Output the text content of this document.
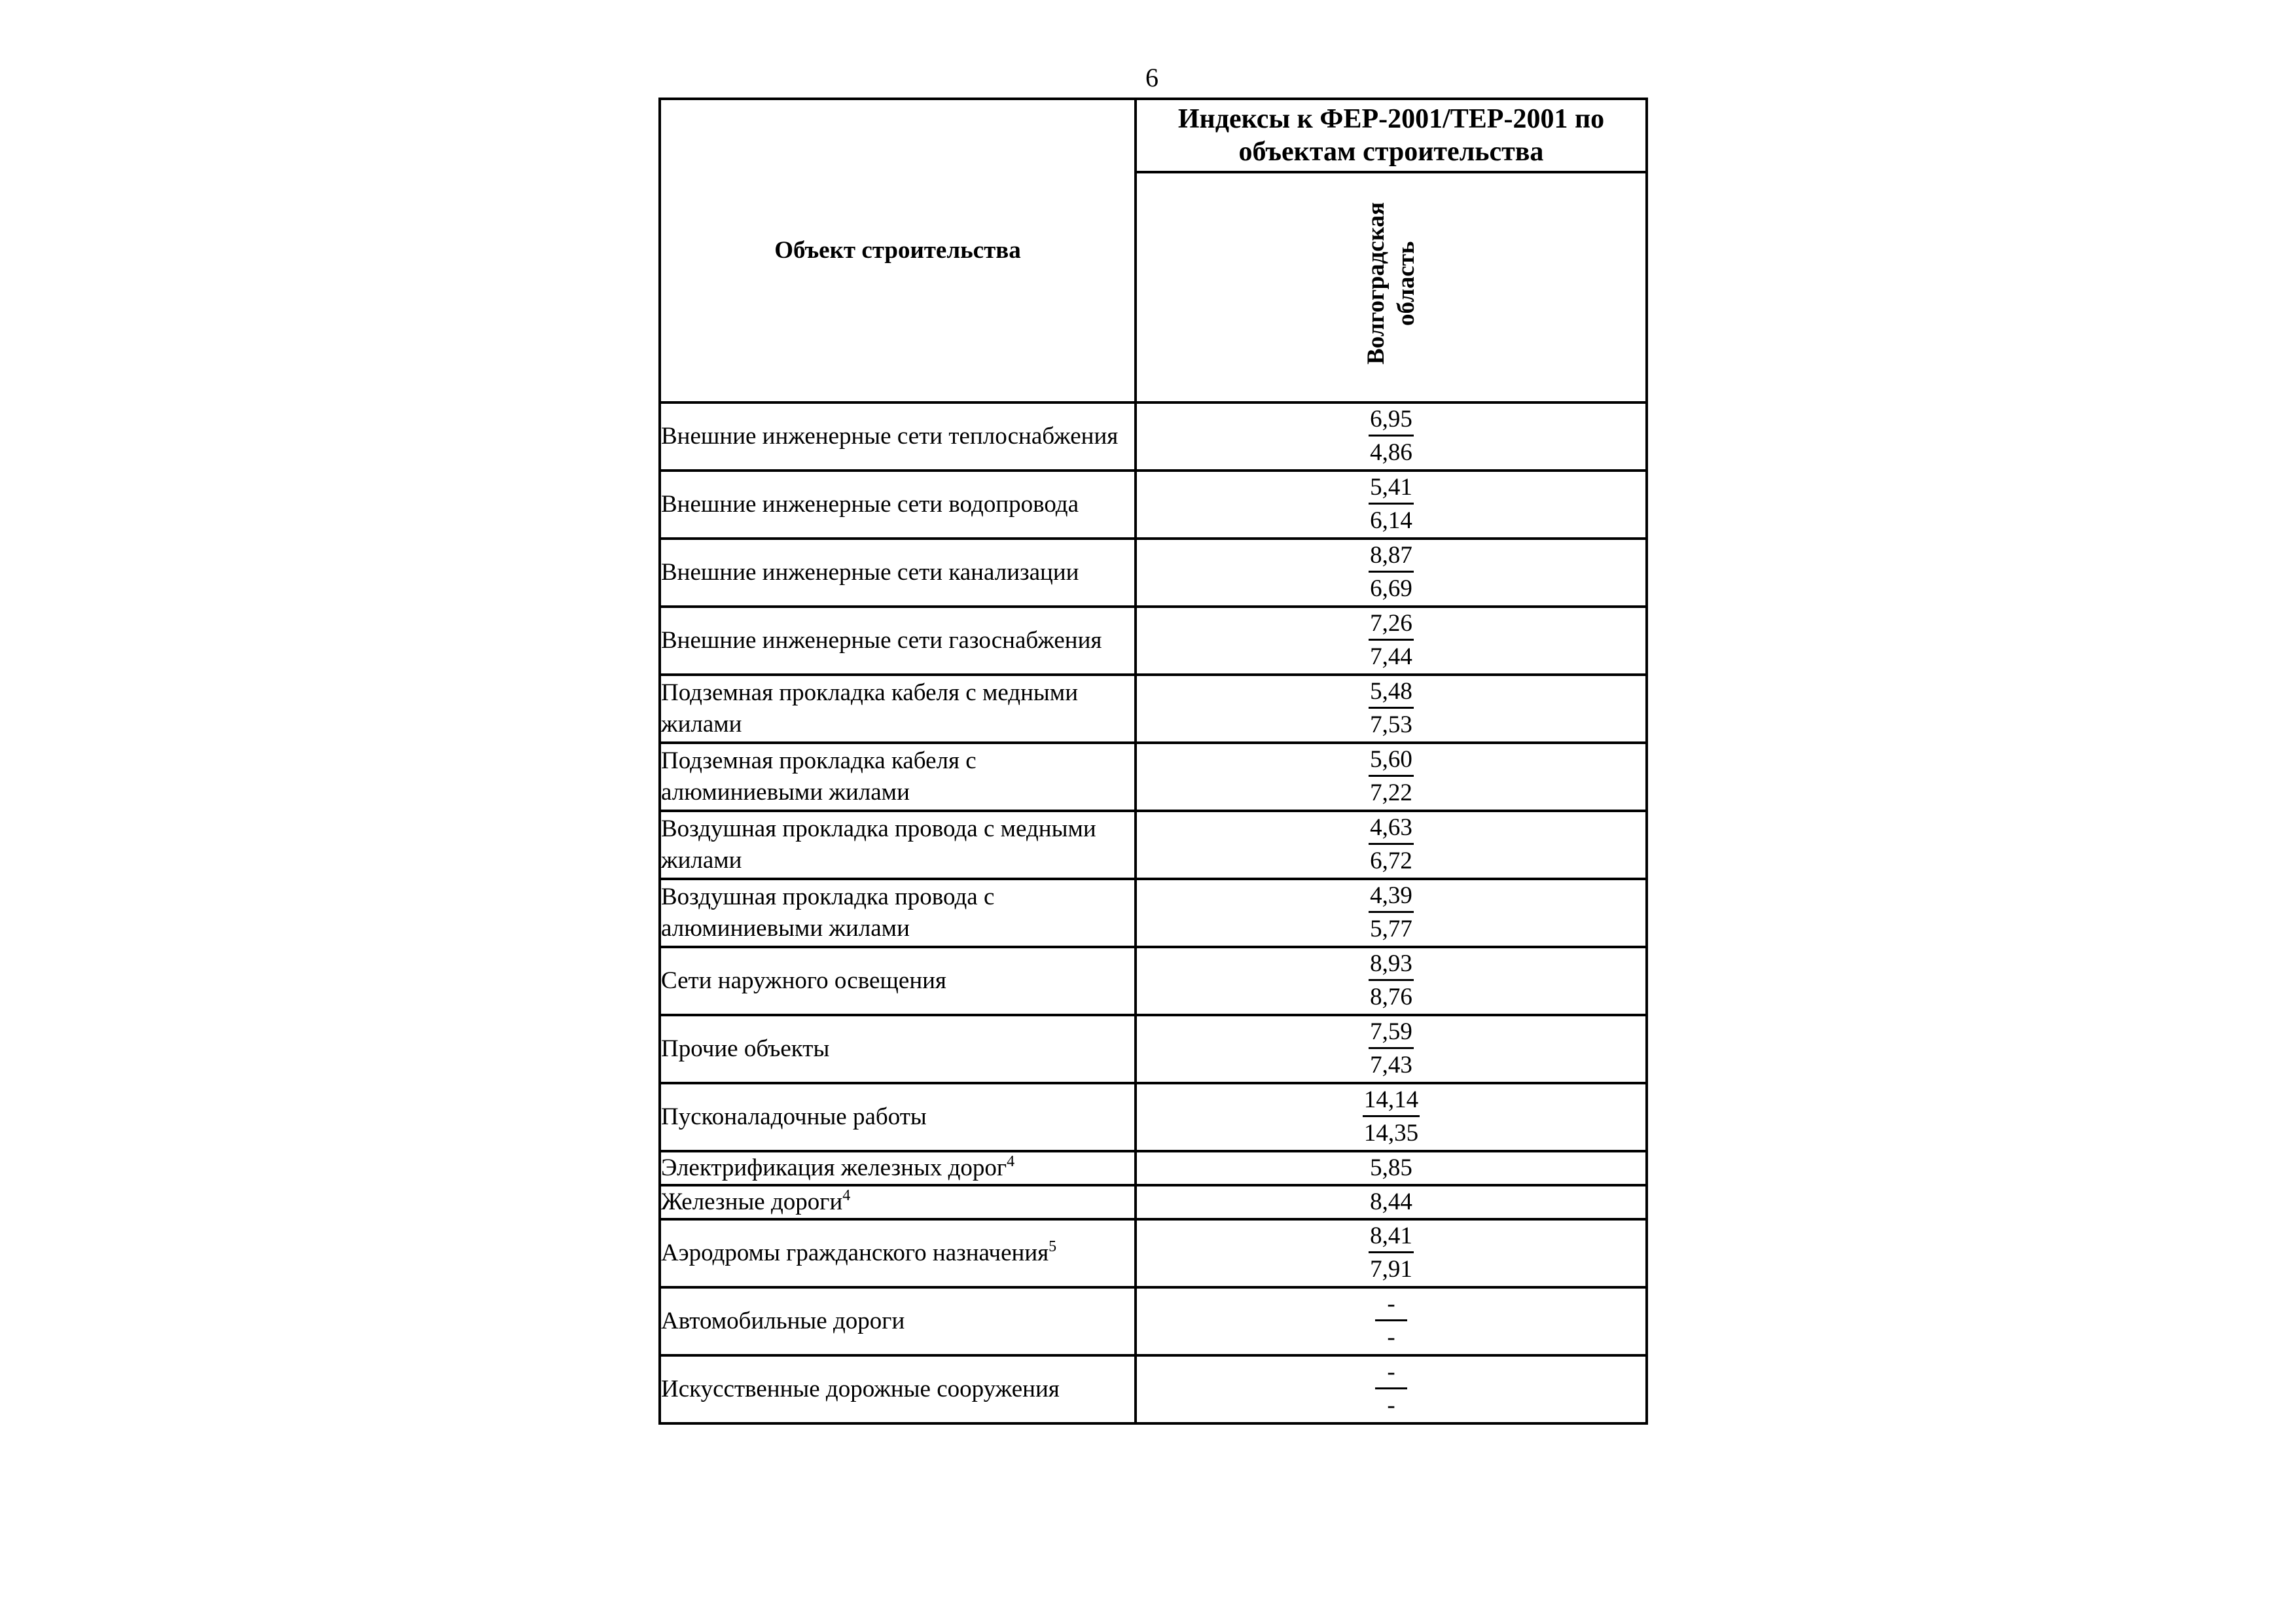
6
Объект строительства	Индексы к ФЕР-2001/ТЕР-2001 по объектам строительства
	Волгоградская область
Внешние инженерные сети теплоснабжения	$\frac{6,95}{4,86}$

Внешние инженерные сети водопровода	$\frac{5,41}{6,14}$

Внешние инженерные сети канализации	$\frac{8,87}{6,69}$

Внешние инженерные сети газоснабжения	$\frac{7,26}{7,44}$

Подземная прокладка кабеля с медными жилами	$\frac{5,48}{7,53}$

Подземная прокладка кабеля с алюминиевыми жилами	$\frac{5,60}{7,22}$

Воздушная прокладка провода с медными жилами	$\frac{4,63}{6,72}$

Воздушная прокладка провода с алюминиевыми жилами	$\frac{4,39}{5,77}$

Сети наружного освещения	$\frac{8,93}{8,76}$

Прочие объекты	$\frac{7,59}{7,43}$

Пусконаладочные работы	$\frac{14,14}{14,35}$

Электрификация железных дорог$^4$	5,85
Железные дороги$^4$	8,44
Аэродромы гражданского назначения$^5$	$\frac{8,41}{7,91}$

Автомобильные дороги	$\frac{-}{-}$

Искусственные дорожные сооружения	$\frac{-}{-}$
